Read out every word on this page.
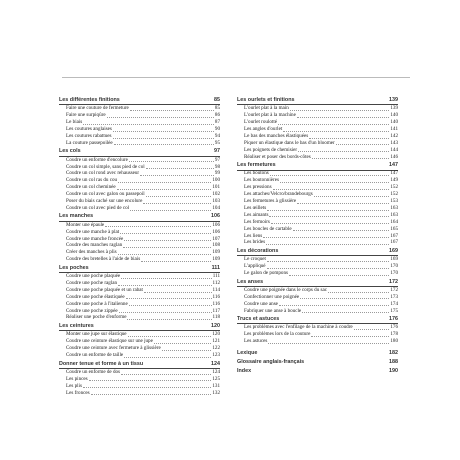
Les différentes finitions	85
Faire une couture de fermeture	85
Faire une surpiqûre	86
Le biais	87
Les coutures anglaises	90
Les coutures rabattues	94
La couture passepoilée	95
Les cols	97
Coudre un enforme d'encolure	97
Coudre un col simple, sans pied de col	98
Coudre un col rond avec rehausseur	99
Coudre un col ras du cou	100
Coudre un col cheminée	101
Coudre un col avec galon ou passepoil	102
Poser du biais caché sur une encolure	103
Coudre un col avec pied de col	104
Les manches	106
Monter une épaule	106
Coudre une manche à plat	106
Coudre une manche froncée	107
Coudre des manches raglan	108
Créer des manches à plis	109
Coudre des bretelles à l'aide de biais	109
Les poches	111
Coudre une poche plaquée	111
Coudre une poche raglan	112
Coudre une poche plaquée et un rabat	114
Coudre une poche élastiquée	116
Coudre une poche à l'italienne	116
Coudre une poche zippée	117
Réaliser une poche d'enforme	118
Les ceintures	120
Monter une jupe sur élastique	120
Coudre une ceinture élastique sur une jupe	121
Coudre une ceinture avec fermeture à glissière	122
Coudre un enforme de taille	123
Donner tenue et forme à un tissu	124
Coudre un enforme de dos	124
Les pinces	125
Les plis	131
Les fronces	132
Les ourlets et finitions	139
L'ourlet plat à la main	139
L'ourlet plat à la machine	140
L'ourlet roulotté	140
Les angles d'ourlet	141
Le bas des manches élastiquées	142
Piquer un élastique dans le bas d'un bloomer	143
Les poignets de chemisier	144
Réaliser et poser des bords-côtes	146
Les fermetures	147
Les boutons	147
Les boutonnières	149
Les pressions	152
Les attaches/Velcro/brandebourgs	152
Les fermetures à glissière	153
Les œillets	163
Les aimants	163
Les fermoirs	164
Les boucles de cartable	165
Les liens	167
Les brides	167
Les décorations	169
Le croquet	169
L'appliqué	170
Le galon de pompons	170
Les anses	172
Coudre une poignée dans le corps du sac	172
Confectionner une poignée	173
Coudre une anse	174
Fabriquer une anse à boucle	175
Trucs et astuces	176
Les problèmes avec l'enfilage de la machine à coudre	176
Les problèmes lors de la couture	178
Les astuces	180
Lexique	182
Glossaire anglais-français	188
Index	190
